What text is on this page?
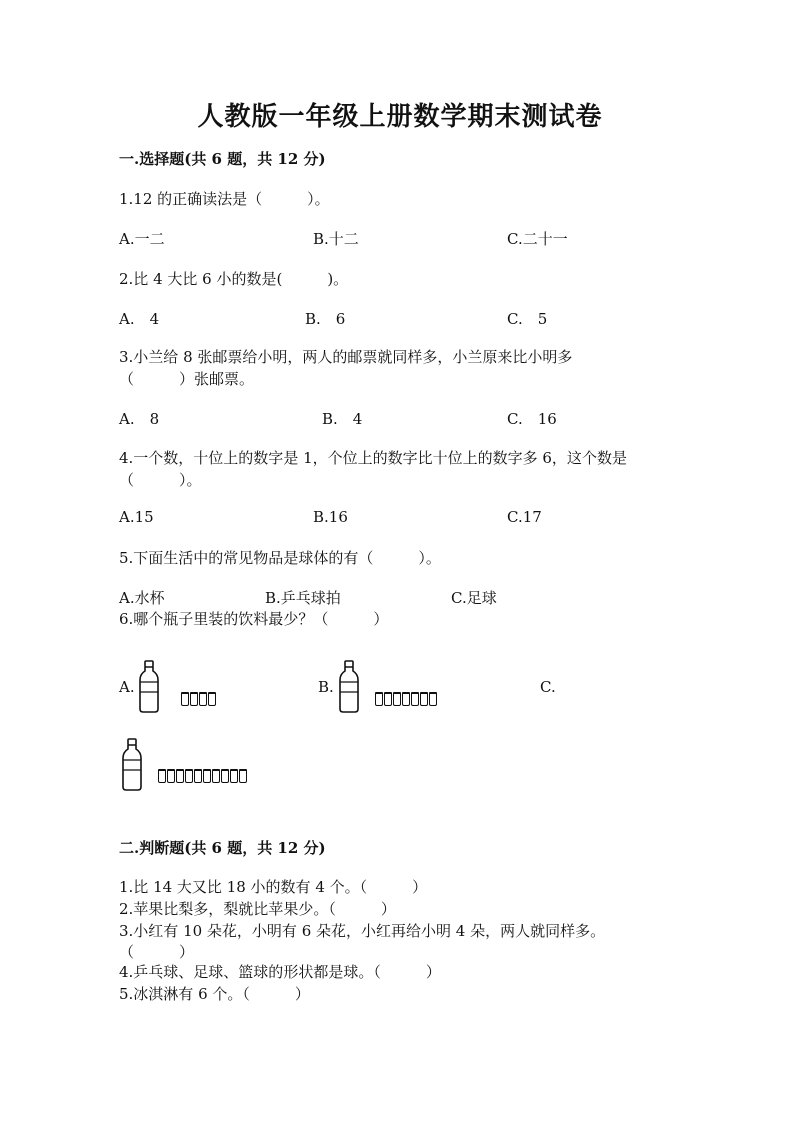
人教版一年级上册数学期末测试卷
一.选择题(共 6 题，共 12 分)
1.12 的正确读法是（　　　）。
A.一二	B.十二	C.二十一
2.比 4 大比 6 小的数是(　　　)。
A.　4	B.　6	C.　5
3.小兰给 8 张邮票给小明，两人的邮票就同样多，小兰原来比小明多
（　　　）张邮票。
A.　8	B.　4	C.　16
4.一个数，十位上的数字是 1，个位上的数字比十位上的数字多 6，这个数是
（　　　）。
A.15	B.16	C.17
5.下面生活中的常见物品是球体的有（　　　）。
A.水杯	B.乒乓球拍	C.足球
6.哪个瓶子里装的饮料最少？（　　　）
A.	B.	C.
二.判断题(共 6 题，共 12 分)
1.比 14 大又比 18 小的数有 4 个。（　　　）
2.苹果比梨多，梨就比苹果少。（　　　）
3.小红有 10 朵花，小明有 6 朵花，小红再给小明 4 朵，两人就同样多。
（　　　）
4.乒乓球、足球、篮球的形状都是球。（　　　）
5.冰淇淋有 6 个。（　　　）
